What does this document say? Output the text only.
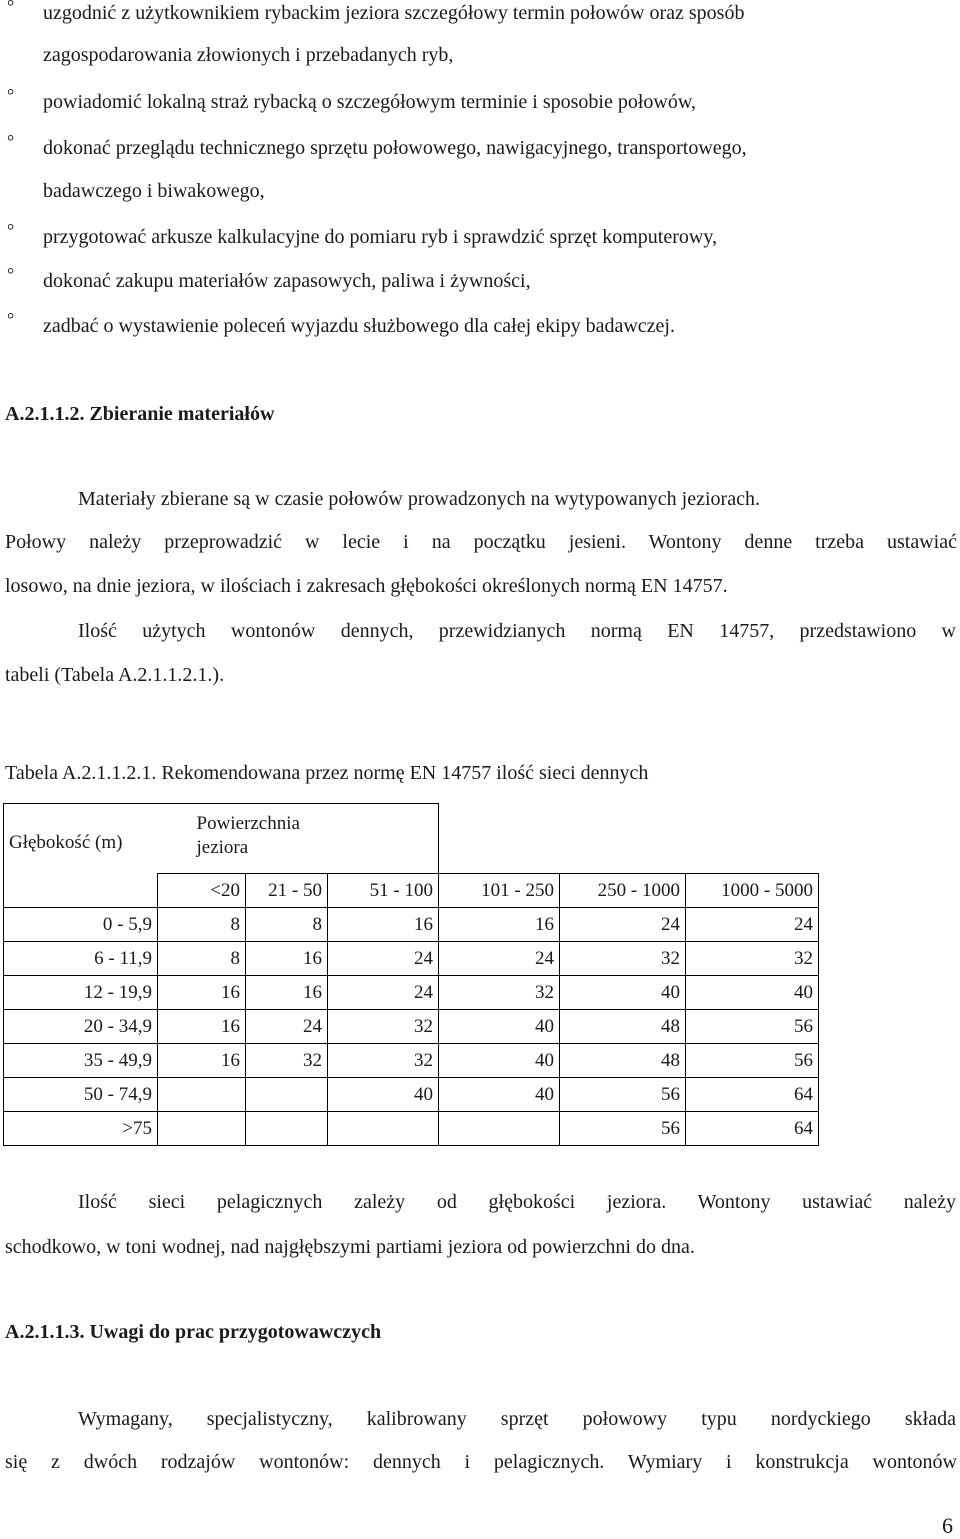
° uzgodnić z użytkownikiem rybackim jeziora szczegółowy termin połowów oraz sposób
zagospodarowania złowionych i przebadanych ryb,
° powiadomić lokalną straż rybacką o szczegółowym terminie i sposobie połowów,
° dokonać przeglądu technicznego sprzętu połowowego, nawigacyjnego, transportowego,
badawczego i biwakowego,
° przygotować arkusze kalkulacyjne do pomiaru ryb i sprawdzić sprzęt komputerowy,
° dokonać zakupu materiałów zapasowych, paliwa i żywności,
° zadbać o wystawienie poleceń wyjazdu służbowego dla całej ekipy badawczej.
A.2.1.1.2. Zbieranie materiałów
Materiały zbierane są w czasie połowów prowadzonych na wytypowanych jeziorach.
Połowy należy przeprowadzić w lecie i na początku jesieni. Wontony denne trzeba ustawiać
losowo, na dnie jeziora, w ilościach i zakresach głębokości określonych normą EN 14757.
Ilość użytych wontonów dennych, przewidzianych normą EN 14757, przedstawiono w
tabeli (Tabela A.2.1.1.2.1.).
Tabela A.2.1.1.2.1. Rekomendowana przez normę EN 14757 ilość sieci dennych
Głębokość (m)	Powierzchnia
jeziora					

	<20	21 - 50	51 - 100	101 - 250	250 - 1000	1000 - 5000
0 - 5,9	8	8	16	16	24	24
6 - 11,9	8	16	24	24	32	32
12 - 19,9	16	16	24	32	40	40
20 - 34,9	16	24	32	40	48	56
35 - 49,9	16	32	32	40	48	56
50 - 74,9			40	40	56	64
>75					56	64
Ilość sieci pelagicznych zależy od głębokości jeziora. Wontony ustawiać należy
schodkowo, w toni wodnej, nad najgłębszymi partiami jeziora od powierzchni do dna.
A.2.1.1.3. Uwagi do prac przygotowawczych
Wymagany, specjalistyczny, kalibrowany sprzęt połowowy typu nordyckiego składa
się z dwóch rodzajów wontonów: dennych i pelagicznych. Wymiary i konstrukcja wontonów
6
